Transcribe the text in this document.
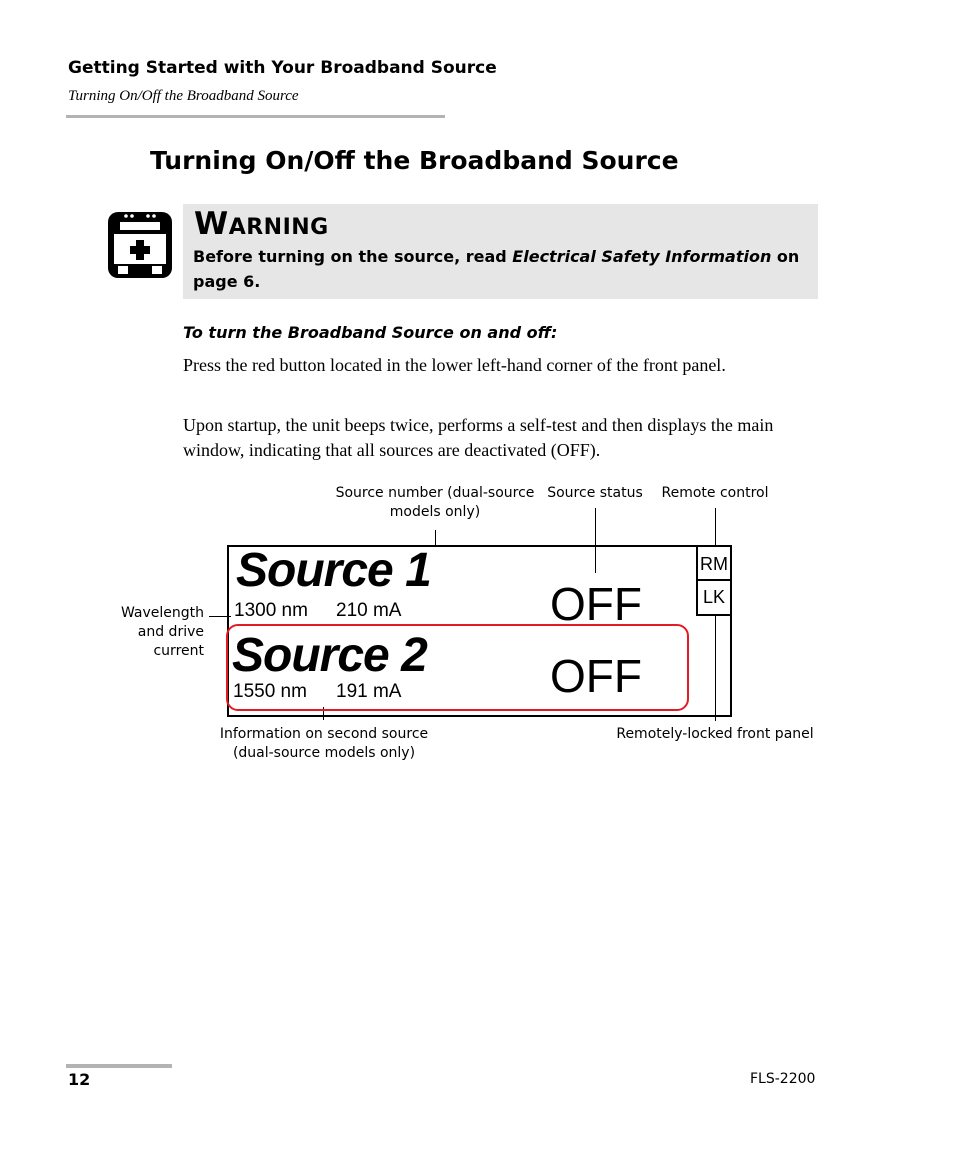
Getting Started with Your Broadband Source
Turning On/Off the Broadband Source
Turning On/Off the Broadband Source
WARNING
Before turning on the source, read Electrical Safety Information on page 6.
To turn the Broadband Source on and off:
Press the red button located in the lower left-hand corner of the front panel.
Upon startup, the unit beeps twice, performs a self-test and then displays the main window, indicating that all sources are deactivated (OFF).
Source number (dual-source models only)
Source status Remote control
Wavelength and drive current
Information on second source (dual-source models only)
Remotely-locked front panel
Source 1
1300 nm 210 mA	OFF
Source 2
1550 nm 191 mA	OFF
RM
LK
12	FLS-2200
